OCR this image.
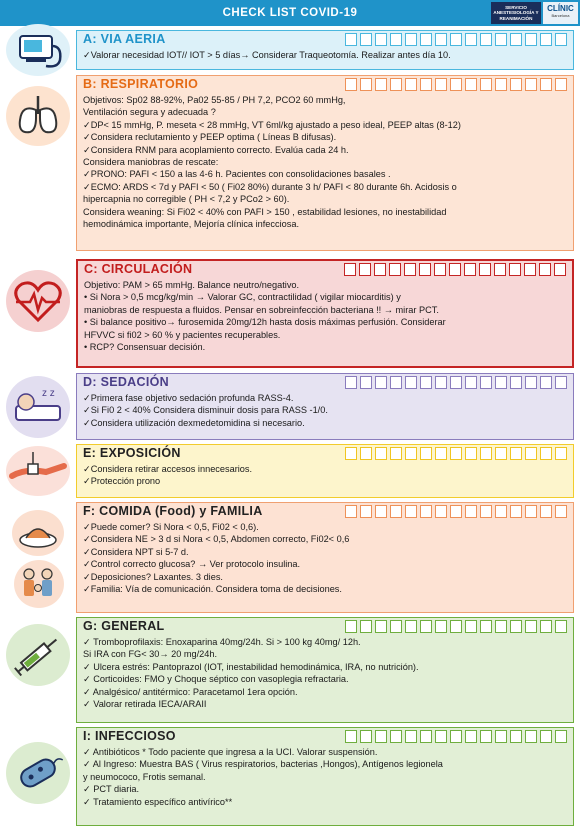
CHECK LIST COVID-19	SERVICIO
ANESTESIOLOGÍA Y
REANIMACIÓN
CLÍNIC
Barcelona
z z
A: VIA AERIA
✓Valorar necesidad IOT// IOT > 5 días→ Considerar Traqueotomía. Realizar antes día 10.
B: RESPIRATORIO
Objetivos: Sp02 88-92%, Pa02 55-85 / PH 7,2, PCO2 60 mmHg,
Ventilación segura y adecuada ?
✓DP< 15 mmHg, P. meseta < 28 mmHg, VT 6ml/kg ajustado a peso ideal, PEEP altas (8-12)
✓Considera reclutamiento y PEEP optima ( Líneas B difusas).
✓Considera RNM para acoplamiento correcto. Evalúa cada 24 h.
Considera maniobras de rescate:
✓PRONO: PAFI < 150 a las 4-6 h. Pacientes con consolidaciones basales .
✓ECMO: ARDS < 7d y PAFI < 50 ( Fi02 80%) durante 3 h/ PAFI < 80 durante 6h. Acidosis o
hipercapnia no corregible ( PH < 7,2 y PCo2 > 60).
Considera weaning: Si Fi02 < 40% con PAFI > 150 , estabilidad lesiones, no inestabilidad
hemodinámica importante, Mejoría clínica infecciosa.
C: CIRCULACIÓN
Objetivo: PAM > 65 mmHg. Balance neutro/negativo.
• Si Nora > 0,5 mcg/kg/min → Valorar GC, contractilidad ( vigilar miocarditis) y
maniobras de respuesta a fluidos. Pensar en sobreinfección bacteriana !! → mirar PCT.
• Si balance positivo→ furosemida 20mg/12h hasta dosis máximas perfusión. Considerar
HFVVC si fi02 > 60 % y pacientes recuperables.
• RCP? Consensuar decisión.
D: SEDACIÓN
✓Primera fase objetivo sedación profunda RASS-4.
✓Si Fi0 2 < 40% Considera disminuir dosis para RASS -1/0.
✓Considera utilización dexmedetomidina si necesario.
E: EXPOSICIÓN
✓Considera retirar accesos innecesarios.
✓Protección prono
F: COMIDA (Food) y FAMILIA
✓Puede comer? Si Nora < 0,5, Fi02 < 0,6).
✓Considera NE > 3 d si Nora < 0,5, Abdomen correcto, Fi02< 0,6
✓Considera NPT si 5-7 d.
✓Control correcto glucosa? → Ver protocolo insulina.
✓Deposiciones? Laxantes. 3 dies.
✓Familia: Vía de comunicación. Considera toma de decisiones.
G: GENERAL
✓ Tromboprofilaxis: Enoxaparina 40mg/24h. Si > 100 kg 40mg/ 12h.
Si IRA con FG< 30→ 20 mg/24h.
✓ Ulcera estrés: Pantoprazol (IOT, inestabilidad hemodinámica, IRA, no nutrición).
✓ Corticoides: FMO y Choque séptico con vasoplegia refractaria.
✓ Analgésico/ antitérmico: Paracetamol 1era opción.
✓ Valorar retirada IECA/ARAII
I: INFECCIOSO
✓ Antibióticos * Todo paciente que ingresa a la UCI. Valorar suspensión.
✓ Al Ingreso: Muestra BAS ( Virus respiratorios, bacterias ,Hongos), Antígenos legionela
y neumococo, Frotis semanal.
✓ PCT diaria.
✓ Tratamiento específico antivírico**
